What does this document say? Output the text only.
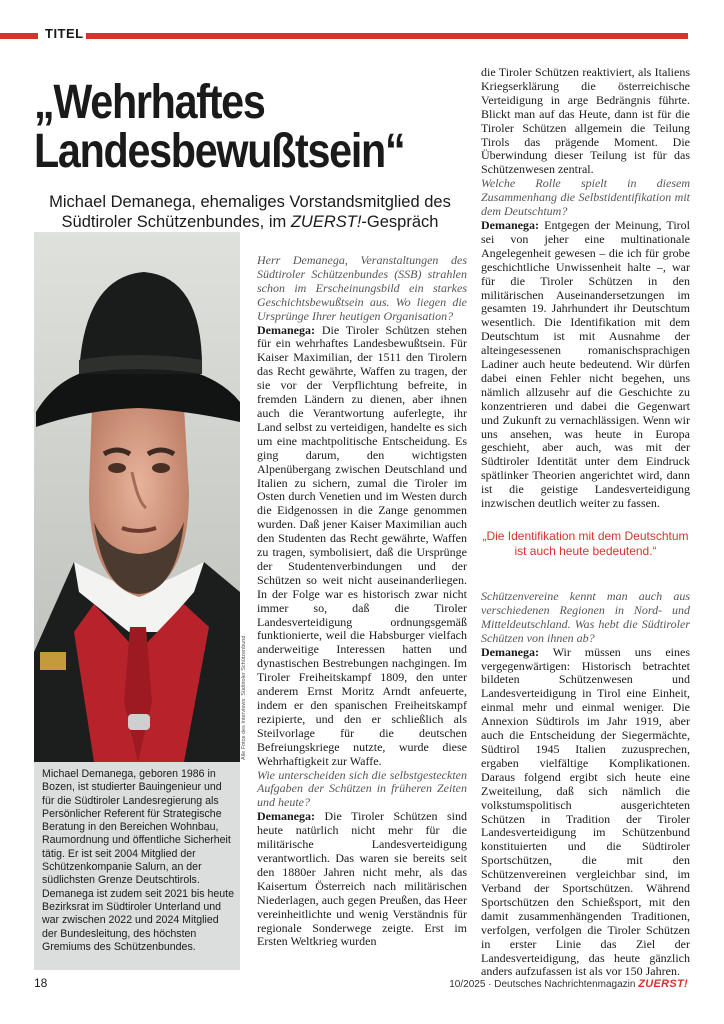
TITEL
„Wehrhaftes
Landesbewußtsein“

Michael Demanega, ehemaliges Vorstandsmitglied des Südtiroler Schützenbundes, im ZUERST!-Gespräch

Alle Fotos des Interviews: Südtiroler Schützenbund
Michael Demanega, geboren 1986 in Bozen, ist studierter Bauingenieur und für die Südtiroler Landesregierung als Persönlicher Referent für Strategische Beratung in den Bereichen Wohnbau, Raumordnung und öffentliche Sicherheit tätig. Er ist seit 2004 Mitglied der Schützenkompanie Salurn, an der südlichsten Grenze Deutschtirols. Demanega ist zudem seit 2021 bis heute Bezirksrat im Südtiroler Unterland und war zwischen 2022 und 2024 Mitglied der Bundesleitung, des höchsten Gremiums des Schützenbundes.

Herr Demanega, Veranstaltungen des Südtiroler Schützenbundes (SSB) strahlen schon im Erscheinungsbild ein starkes Geschichtsbewußtsein aus. Wo liegen die Ursprünge Ihrer heutigen Organisation?

Demanega: Die Tiroler Schützen stehen für ein wehrhaftes Landesbewußtsein. Für Kaiser Maximilian, der 1511 den Tirolern das Recht gewährte, Waffen zu tragen, der sie vor der Verpflichtung befreite, in fremden Ländern zu dienen, aber ihnen auch die Verantwortung auferlegte, ihr Land selbst zu verteidigen, handelte es sich um eine machtpolitische Entscheidung. Es ging darum, den wichtigsten Alpenübergang zwischen Deutschland und Italien zu sichern, zumal die Tiroler im Osten durch Venetien und im Westen durch die Eidgenossen in die Zange genommen wurden. Daß jener Kaiser Maximilian auch den Studenten das Recht gewährte, Waffen zu tragen, symbolisiert, daß die Ursprünge der Studentenverbindungen und der Schützen so weit nicht auseinanderliegen. In der Folge war es historisch zwar nicht immer so, daß die Tiroler Landesverteidigung ordnungsgemäß funktionierte, weil die Habsburger vielfach anderweitige Interessen hatten und dynastischen Bestrebungen nachgingen. Im Tiroler Freiheitskampf 1809, den unter anderem Ernst Moritz Arndt anfeuerte, indem er den spanischen Freiheitskampf rezipierte, und den er schließlich als Steilvorlage für die deutschen Befreiungskriege nutzte, wurde diese Wehrhaftigkeit zur Waffe.

Wie unterscheiden sich die selbstgesteckten Aufgaben der Schützen in früheren Zeiten und heute?

Demanega: Die Tiroler Schützen sind heute natürlich nicht mehr für die militärische Landesverteidigung verantwortlich. Das waren sie bereits seit den 1880er Jahren nicht mehr, als das Kaisertum Österreich nach militärischen Niederlagen, auch gegen Preußen, das Heer vereinheitlichte und wenig Verständnis für regionale Sonderwege zeigte. Erst im Ersten Weltkrieg wurden

die Tiroler Schützen reaktiviert, als Italiens Kriegserklärung die österreichische Verteidigung in arge Bedrängnis führte. Blickt man auf das Heute, dann ist für die Tiroler Schützen allgemein die Teilung Tirols das prägende Moment. Die Überwindung dieser Teilung ist für das Schützenwesen zentral.

Welche Rolle spielt in diesem Zusammenhang die Selbstidentifikation mit dem Deutschtum?

Demanega: Entgegen der Meinung, Tirol sei von jeher eine multinationale Angelegenheit gewesen – die ich für grobe geschichtliche Unwissenheit halte –, war für die Tiroler Schützen in den militärischen Auseinandersetzungen im gesamten 19. Jahrhundert ihr Deutschtum wesentlich. Die Identifikation mit dem Deutschtum ist mit Ausnahme der alteingesessenen romanischsprachigen Ladiner auch heute bedeutend. Wir dürfen dabei einen Fehler nicht begehen, uns nämlich allzusehr auf die Geschichte zu konzentrieren und dabei die Gegenwart und Zukunft zu vernachlässigen. Wenn wir uns ansehen, was heute in Europa geschieht, aber auch, was mit der Südtiroler Identität unter dem Eindruck spätlinker Theorien angerichtet wird, dann ist die geistige Landesverteidigung inzwischen deutlich weiter zu fassen.

„Die Identifikation mit dem Deutschtum ist auch heute bedeutend.“

Schützenvereine kennt man auch aus verschiedenen Regionen in Nord- und Mitteldeutschland. Was hebt die Südtiroler Schützen von ihnen ab?

Demanega: Wir müssen uns eines vergegenwärtigen: Historisch betrachtet bildeten Schützenwesen und Landesverteidigung in Tirol eine Einheit, einmal mehr und einmal weniger. Die Annexion Südtirols im Jahr 1919, aber auch die Entscheidung der Siegermächte, Südtirol 1945 Italien zuzusprechen, ergaben vielfältige Komplikationen. Daraus folgend ergibt sich heute eine Zweiteilung, daß sich nämlich die volkstumspolitisch ausgerichteten Schützen in Tradition der Tiroler Landesverteidigung im Schützenbund konstituierten und die Südtiroler Sportschützen, die mit den Schützenvereinen vergleichbar sind, im Verband der Sportschützen. Während Sportschützen den Schießsport, mit den damit zusammenhängenden Traditionen, verfolgen, verfolgen die Tiroler Schützen in erster Linie das Ziel der Landesverteidigung, das heute gänzlich anders aufzufassen ist als vor 150 Jahren.

18	10/2025 · Deutsches Nachrichtenmagazin ZUERST!
